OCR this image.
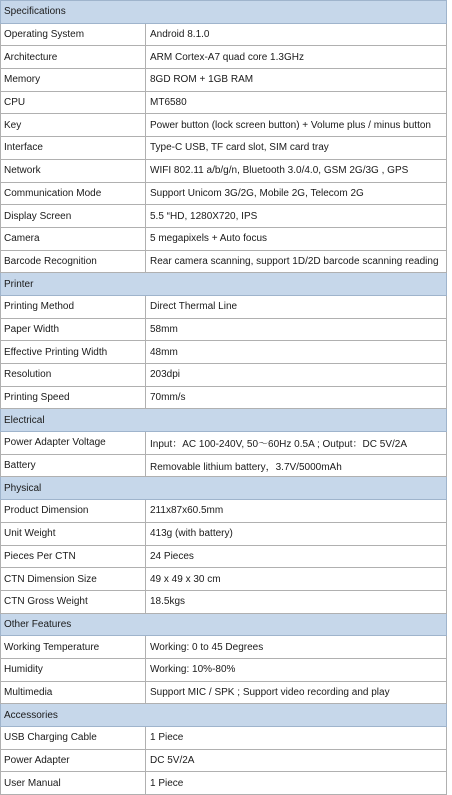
Specifications	
Operating System	Android 8.1.0
Architecture	ARM Cortex-A7 quad core 1.3GHz
Memory	8GD ROM + 1GB RAM
CPU	MT6580
Key	Power button (lock screen button) + Volume plus / minus button
Interface	Type-C USB, TF card slot, SIM card tray
Network	WIFI 802.11 a/b/g/n, Bluetooth 3.0/4.0, GSM 2G/3G , GPS
Communication Mode	Support Unicom 3G/2G, Mobile 2G, Telecom 2G
Display Screen	5.5 “HD, 1280X720, IPS
Camera	5 megapixels + Auto focus
Barcode Recognition	Rear camera scanning, support 1D/2D barcode scanning reading
Printer	
Printing Method	Direct Thermal Line
Paper Width	58mm
Effective Printing Width	48mm
Resolution	203dpi
Printing Speed	70mm/s
Electrical	
Power Adapter Voltage	Input：AC 100-240V, 50～60Hz 0.5A ; Output：DC 5V/2A
Battery	Removable lithium battery，3.7V/5000mAh
Physical	
Product Dimension	211x87x60.5mm
Unit Weight	413g (with battery)
Pieces Per CTN	24 Pieces
CTN Dimension Size	49 x 49 x 30 cm
CTN Gross Weight	18.5kgs
Other Features	
Working Temperature	Working: 0 to 45 Degrees
Humidity	Working: 10%-80%
Multimedia	Support MIC / SPK ; Support video recording and play
Accessories	
USB Charging Cable	1 Piece
Power Adapter	DC 5V/2A
User Manual	1 Piece
